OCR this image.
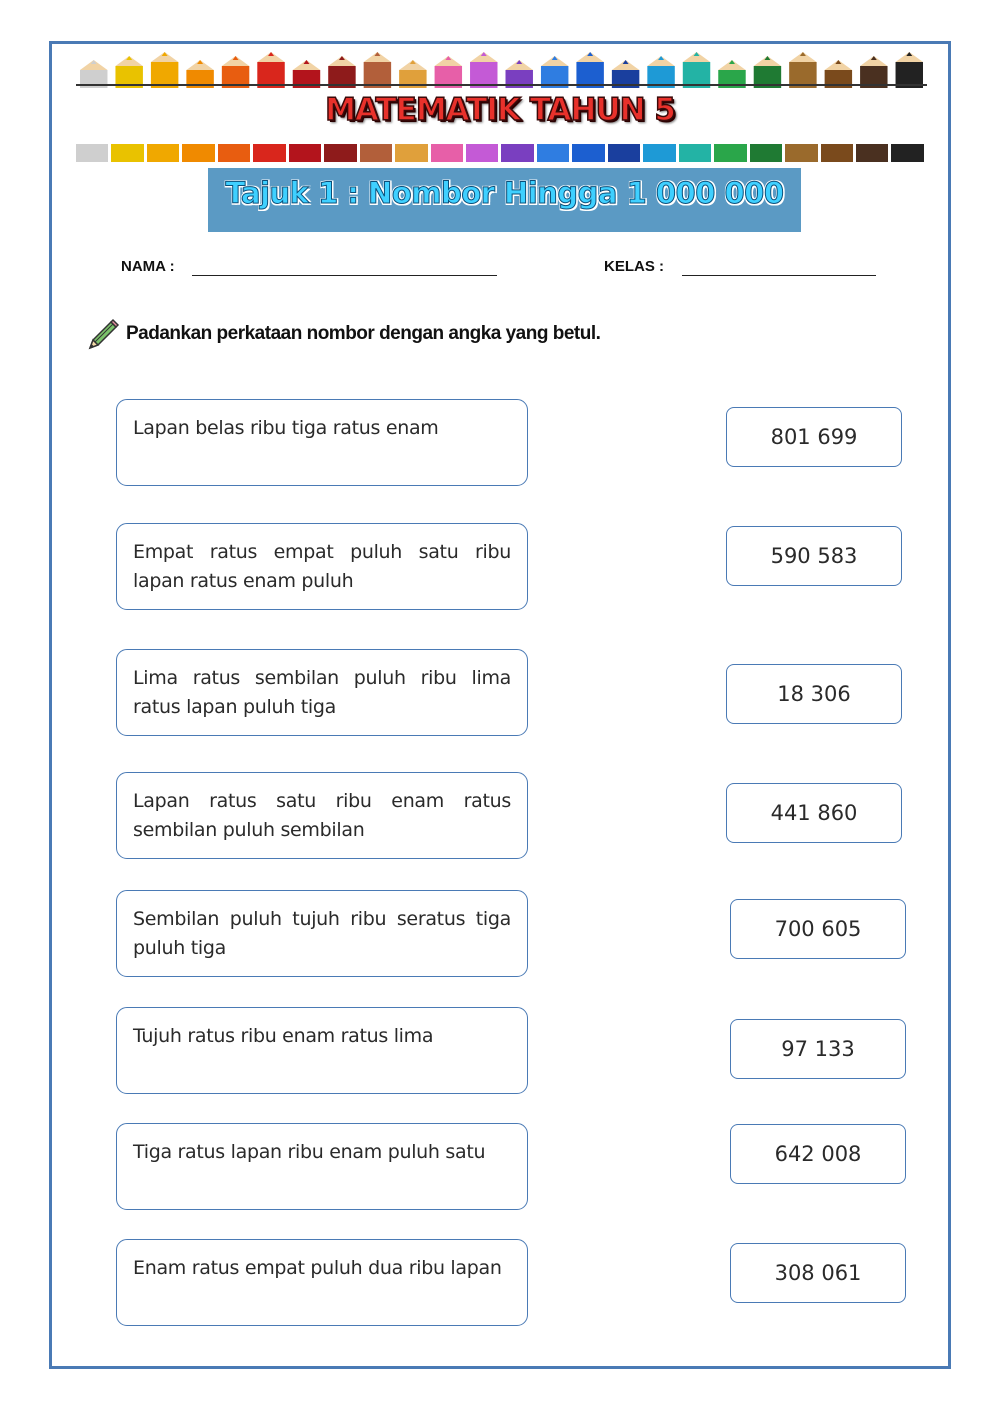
MATEMATIK TAHUN 5
Tajuk 1 : Nombor Hingga 1 000 000
NAMA :	KELAS :
Padankan perkataan nombor dengan angka yang betul.
Lapan belas ribu tiga ratus enam
Empat ratus empat puluh satu ribu lapan ratus enam puluh
Lima ratus sembilan puluh ribu lima ratus lapan puluh tiga
Lapan ratus satu ribu enam ratus sembilan puluh sembilan
Sembilan puluh tujuh ribu seratus tiga puluh tiga
Tujuh ratus ribu enam ratus lima
Tiga ratus lapan ribu enam puluh satu
Enam ratus empat puluh dua ribu lapan
801 699
590 583
18 306
441 860
700 605
97 133
642 008
308 061
